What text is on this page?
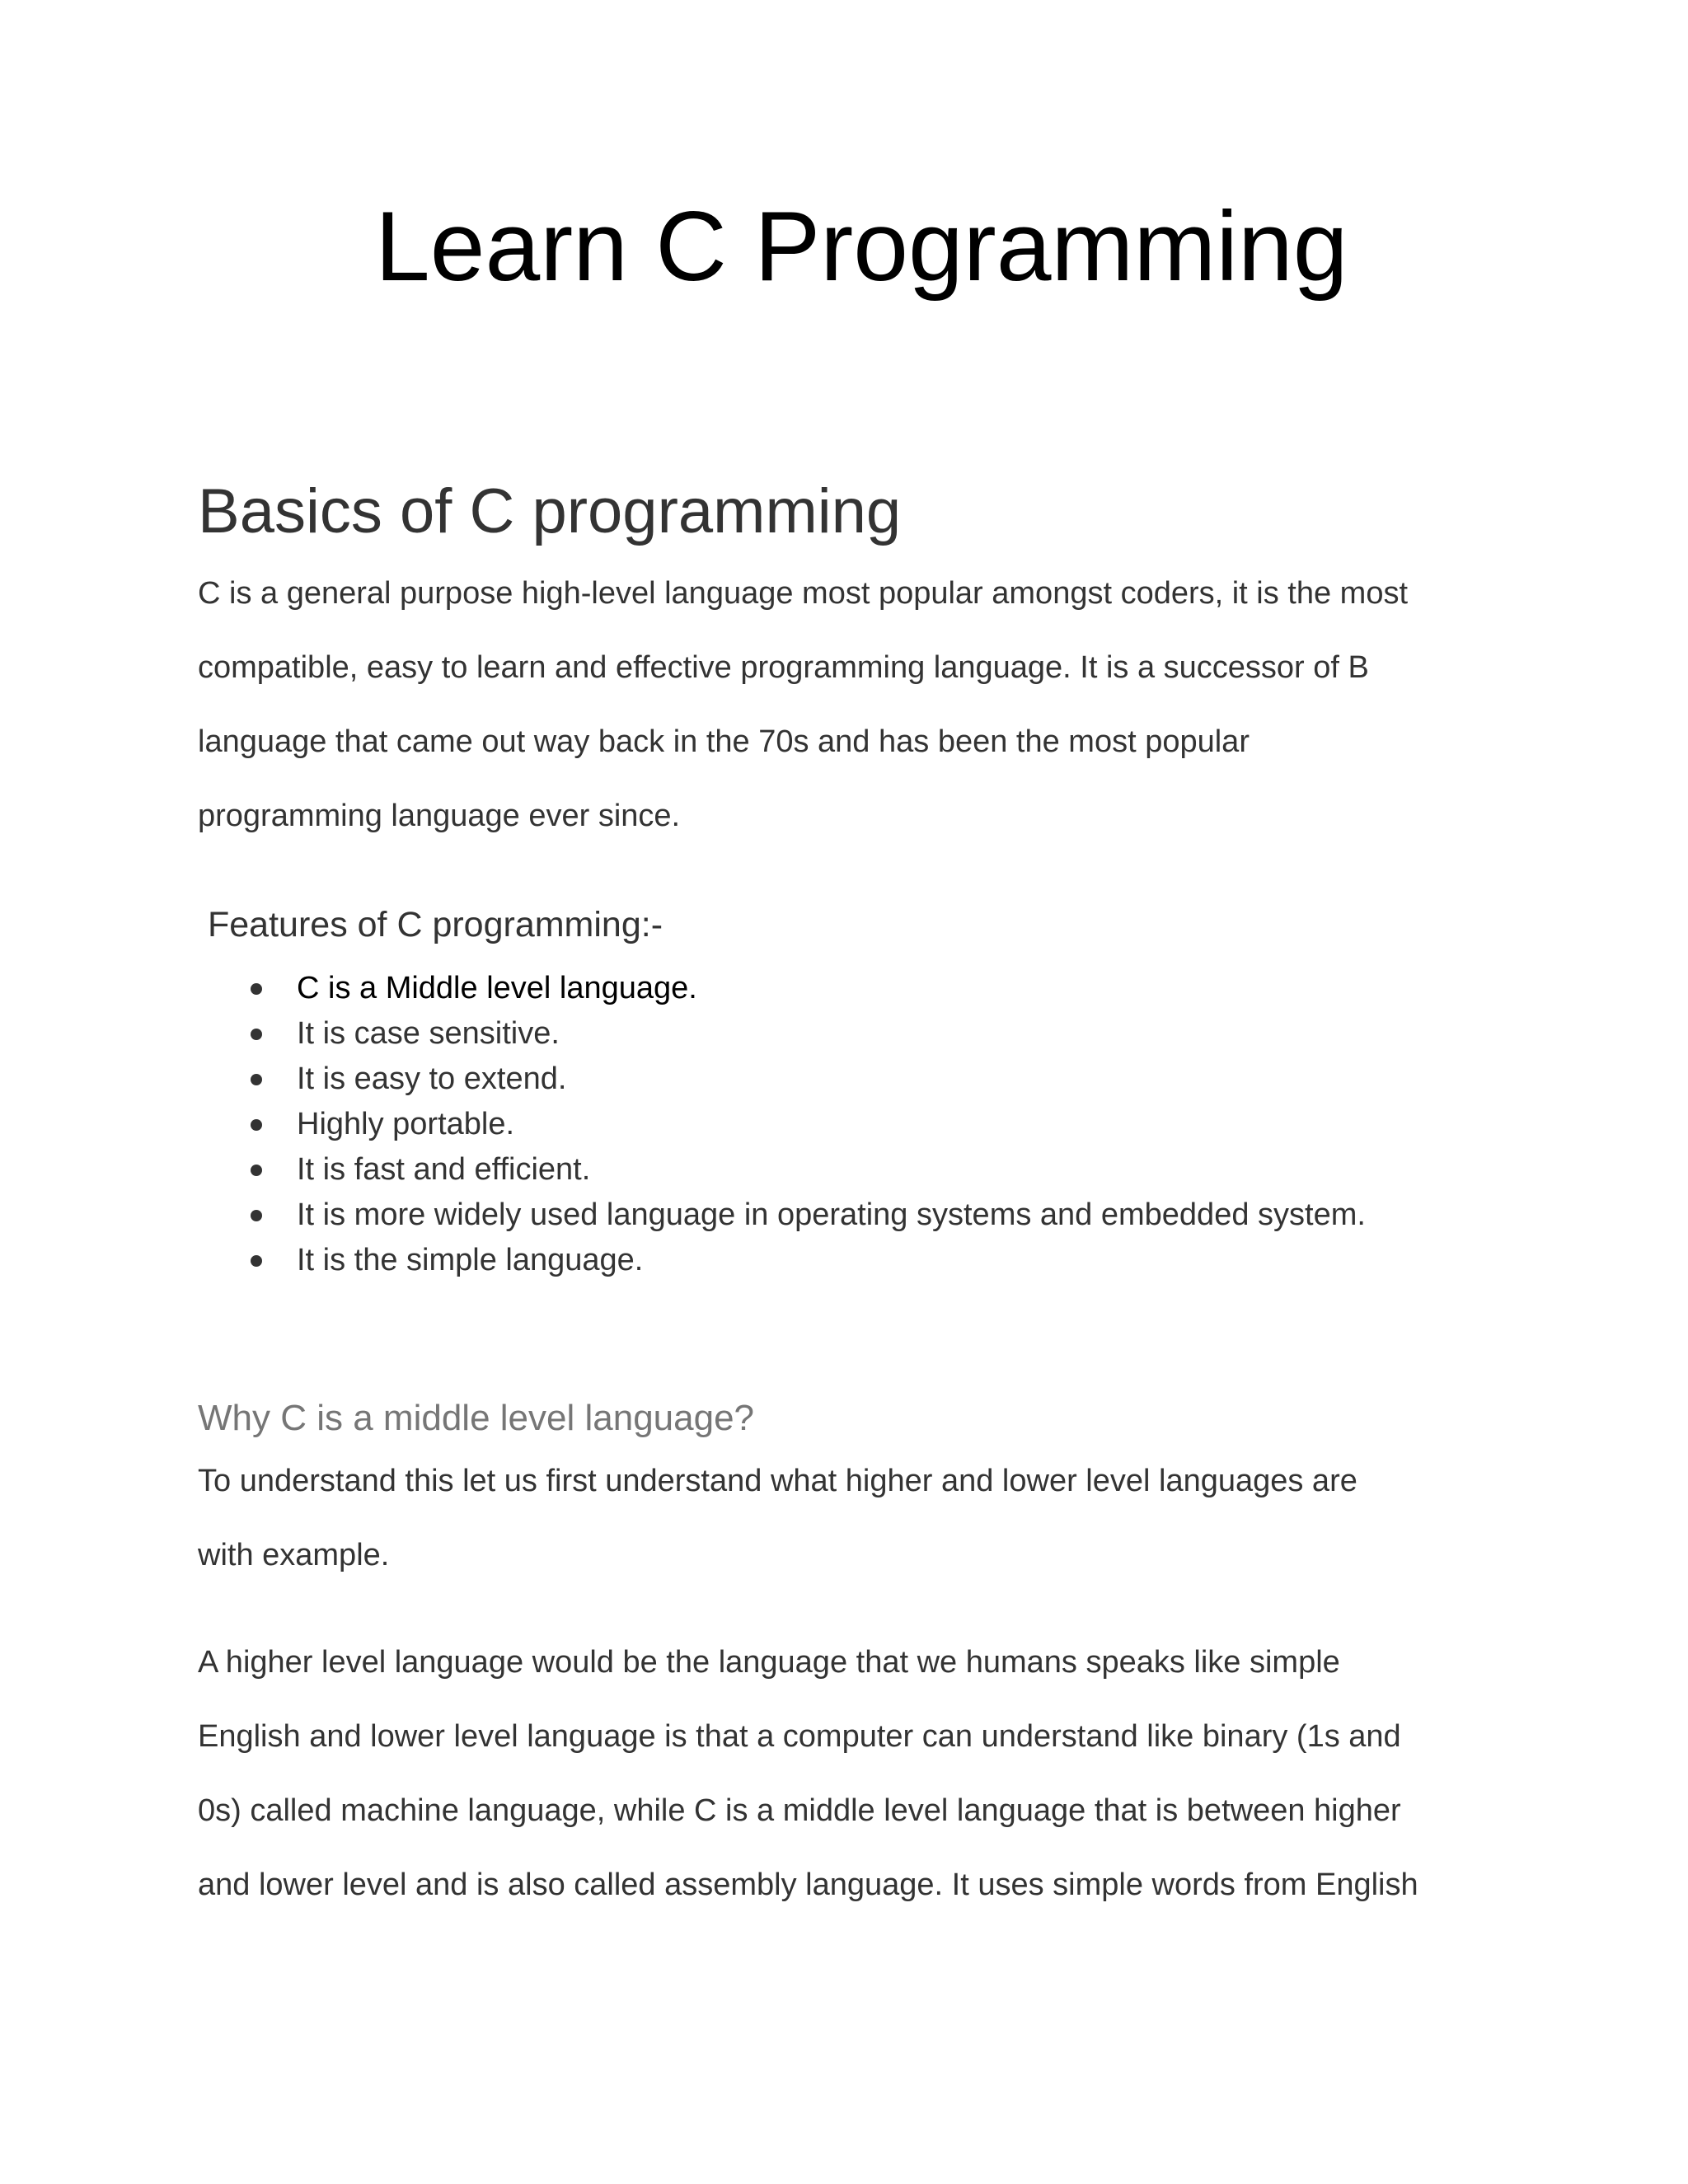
Learn C Programming
Basics of C programming

C is a general purpose high-level language most popular amongst coders, it is the most
compatible, easy to learn and effective programming language. It is a successor of B
language that came out way back in the 70s and has been the most popular
programming language ever since.

Features of C programming:-
C is a Middle level language.
It is case sensitive.
It is easy to extend.
Highly portable.
It is fast and efficient.
It is more widely used language in operating systems and embedded system.
It is the simple language.
Why C is a middle level language?

To understand this let us first understand what higher and lower level languages are
with example.

A higher level language would be the language that we humans speaks like simple
English and lower level language is that a computer can understand like binary (1s and
0s) called machine language, while C is a middle level language that is between higher
and lower level and is also called assembly language. It uses simple words from English
